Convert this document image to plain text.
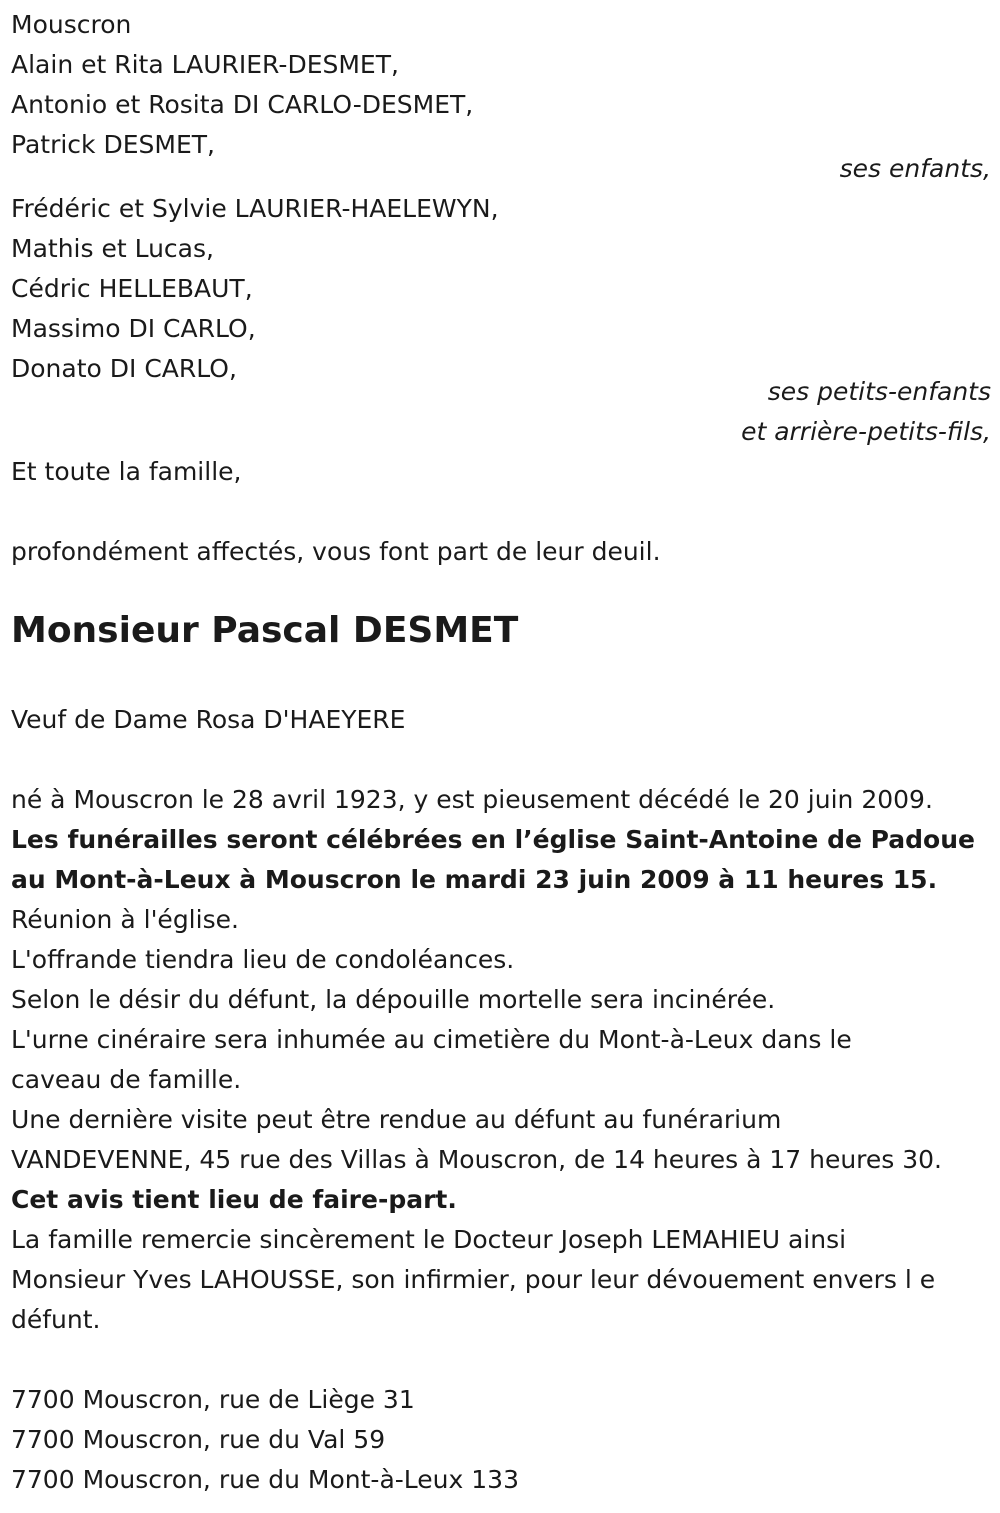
Mouscron
Alain et Rita LAURIER-DESMET,
Antonio et Rosita DI CARLO-DESMET,
Patrick DESMET,
ses enfants,
Frédéric et Sylvie LAURIER-HAELEWYN,
Mathis et Lucas,
Cédric HELLEBAUT,
Massimo DI CARLO,
Donato DI CARLO,
ses petits-enfants
et arrière-petits-fils,
Et toute la famille,
profondément affectés, vous font part de leur deuil.
Monsieur Pascal DESMET
Veuf de Dame Rosa D'HAEYERE
né à Mouscron le 28 avril 1923, y est pieusement décédé le 20 juin 2009.
Les funérailles seront célébrées en l’église Saint-Antoine de Padoue
au Mont-à-Leux à Mouscron le mardi 23 juin 2009 à 11 heures 15.
Réunion à l'église.
L'offrande tiendra lieu de condoléances.
Selon le désir du défunt, la dépouille mortelle sera incinérée.
L'urne cinéraire sera inhumée au cimetière du Mont-à-Leux dans le
caveau de famille.
Une dernière visite peut être rendue au défunt au funérarium
VANDEVENNE, 45 rue des Villas à Mouscron, de 14 heures à 17 heures 30.
Cet avis tient lieu de faire-part.
La famille remercie sincèrement le Docteur Joseph LEMAHIEU ainsi
Monsieur Yves LAHOUSSE, son infirmier, pour leur dévouement envers l e
défunt.
7700 Mouscron, rue de Liège 31
7700 Mouscron, rue du Val 59
7700 Mouscron, rue du Mont-à-Leux 133
